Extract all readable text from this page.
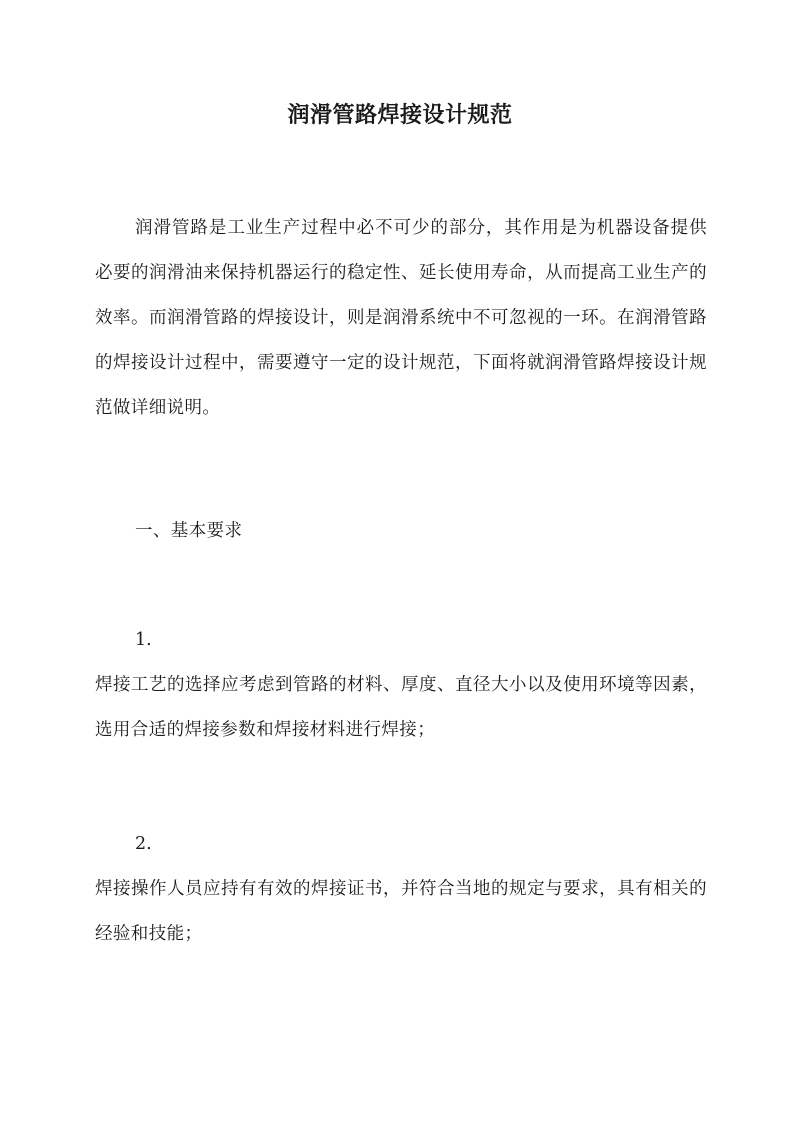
润滑管路焊接设计规范

润滑管路是工业生产过程中必不可少的部分，其作用是为机器设备提供必要的润滑油来保持机器运行的稳定性、延长使用寿命，从而提高工业生产的效率。而润滑管路的焊接设计，则是润滑系统中不可忽视的一环。在润滑管路的焊接设计过程中，需要遵守一定的设计规范，下面将就润滑管路焊接设计规范做详细说明。

一、基本要求
1.

焊接工艺的选择应考虑到管路的材料、厚度、直径大小以及使用环境等因素，选用合适的焊接参数和焊接材料进行焊接；

2.

焊接操作人员应持有有效的焊接证书，并符合当地的规定与要求，具有相关的经验和技能；
